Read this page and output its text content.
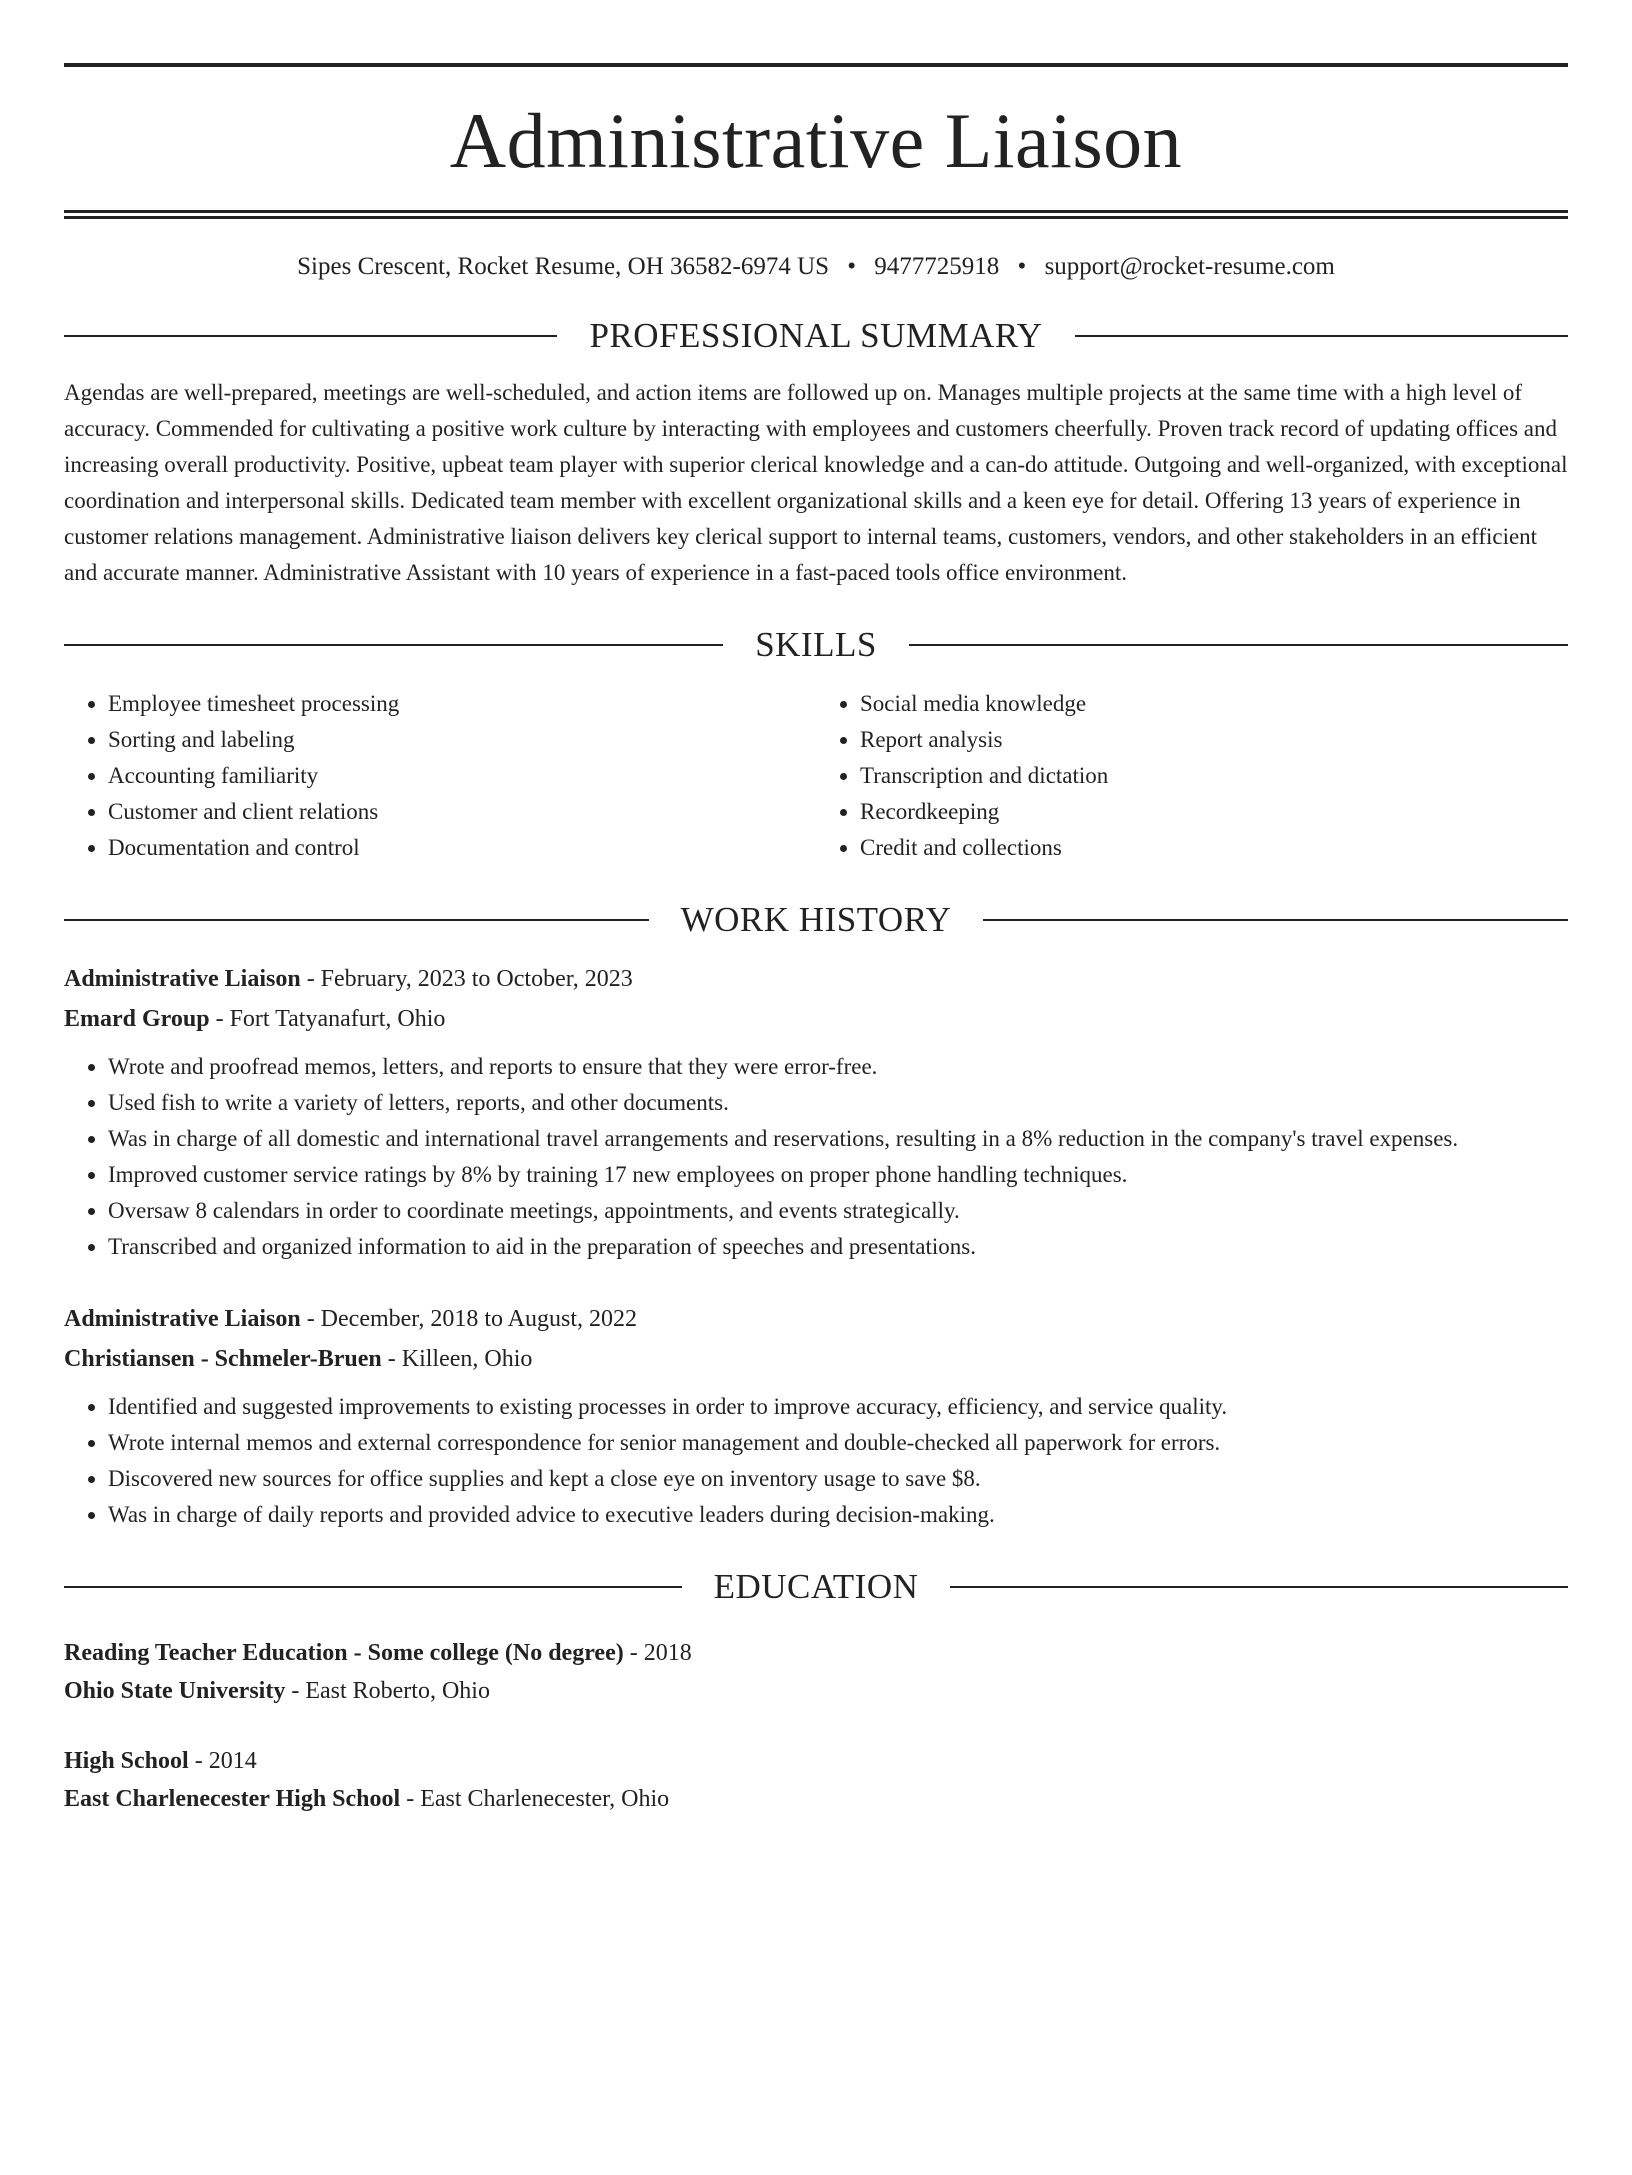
Administrative Liaison
Sipes Crescent, Rocket Resume, OH 36582-6974 US • 9477725918 • support@rocket-resume.com
PROFESSIONAL SUMMARY
Agendas are well-prepared, meetings are well-scheduled, and action items are followed up on. Manages multiple projects at the same time with a high level of accuracy. Commended for cultivating a positive work culture by interacting with employees and customers cheerfully. Proven track record of updating offices and increasing overall productivity. Positive, upbeat team player with superior clerical knowledge and a can-do attitude. Outgoing and well-organized, with exceptional coordination and interpersonal skills. Dedicated team member with excellent organizational skills and a keen eye for detail. Offering 13 years of experience in customer relations management. Administrative liaison delivers key clerical support to internal teams, customers, vendors, and other stakeholders in an efficient and accurate manner. Administrative Assistant with 10 years of experience in a fast-paced tools office environment.
SKILLS
• Employee timesheet processing
• Sorting and labeling
• Accounting familiarity
• Customer and client relations
• Documentation and control
• Social media knowledge
• Report analysis
• Transcription and dictation
• Recordkeeping
• Credit and collections
WORK HISTORY
Administrative Liaison - February, 2023 to October, 2023
Emard Group - Fort Tatyanafurt, Ohio
• Wrote and proofread memos, letters, and reports to ensure that they were error-free.
• Used fish to write a variety of letters, reports, and other documents.
• Was in charge of all domestic and international travel arrangements and reservations, resulting in a 8% reduction in the company's travel expenses.
• Improved customer service ratings by 8% by training 17 new employees on proper phone handling techniques.
• Oversaw 8 calendars in order to coordinate meetings, appointments, and events strategically.
• Transcribed and organized information to aid in the preparation of speeches and presentations.
Administrative Liaison - December, 2018 to August, 2022
Christiansen - Schmeler-Bruen - Killeen, Ohio
• Identified and suggested improvements to existing processes in order to improve accuracy, efficiency, and service quality.
• Wrote internal memos and external correspondence for senior management and double-checked all paperwork for errors.
• Discovered new sources for office supplies and kept a close eye on inventory usage to save $8.
• Was in charge of daily reports and provided advice to executive leaders during decision-making.
EDUCATION
Reading Teacher Education - Some college (No degree) - 2018
Ohio State University - East Roberto, Ohio
High School - 2014
East Charlenecester High School - East Charlenecester, Ohio
